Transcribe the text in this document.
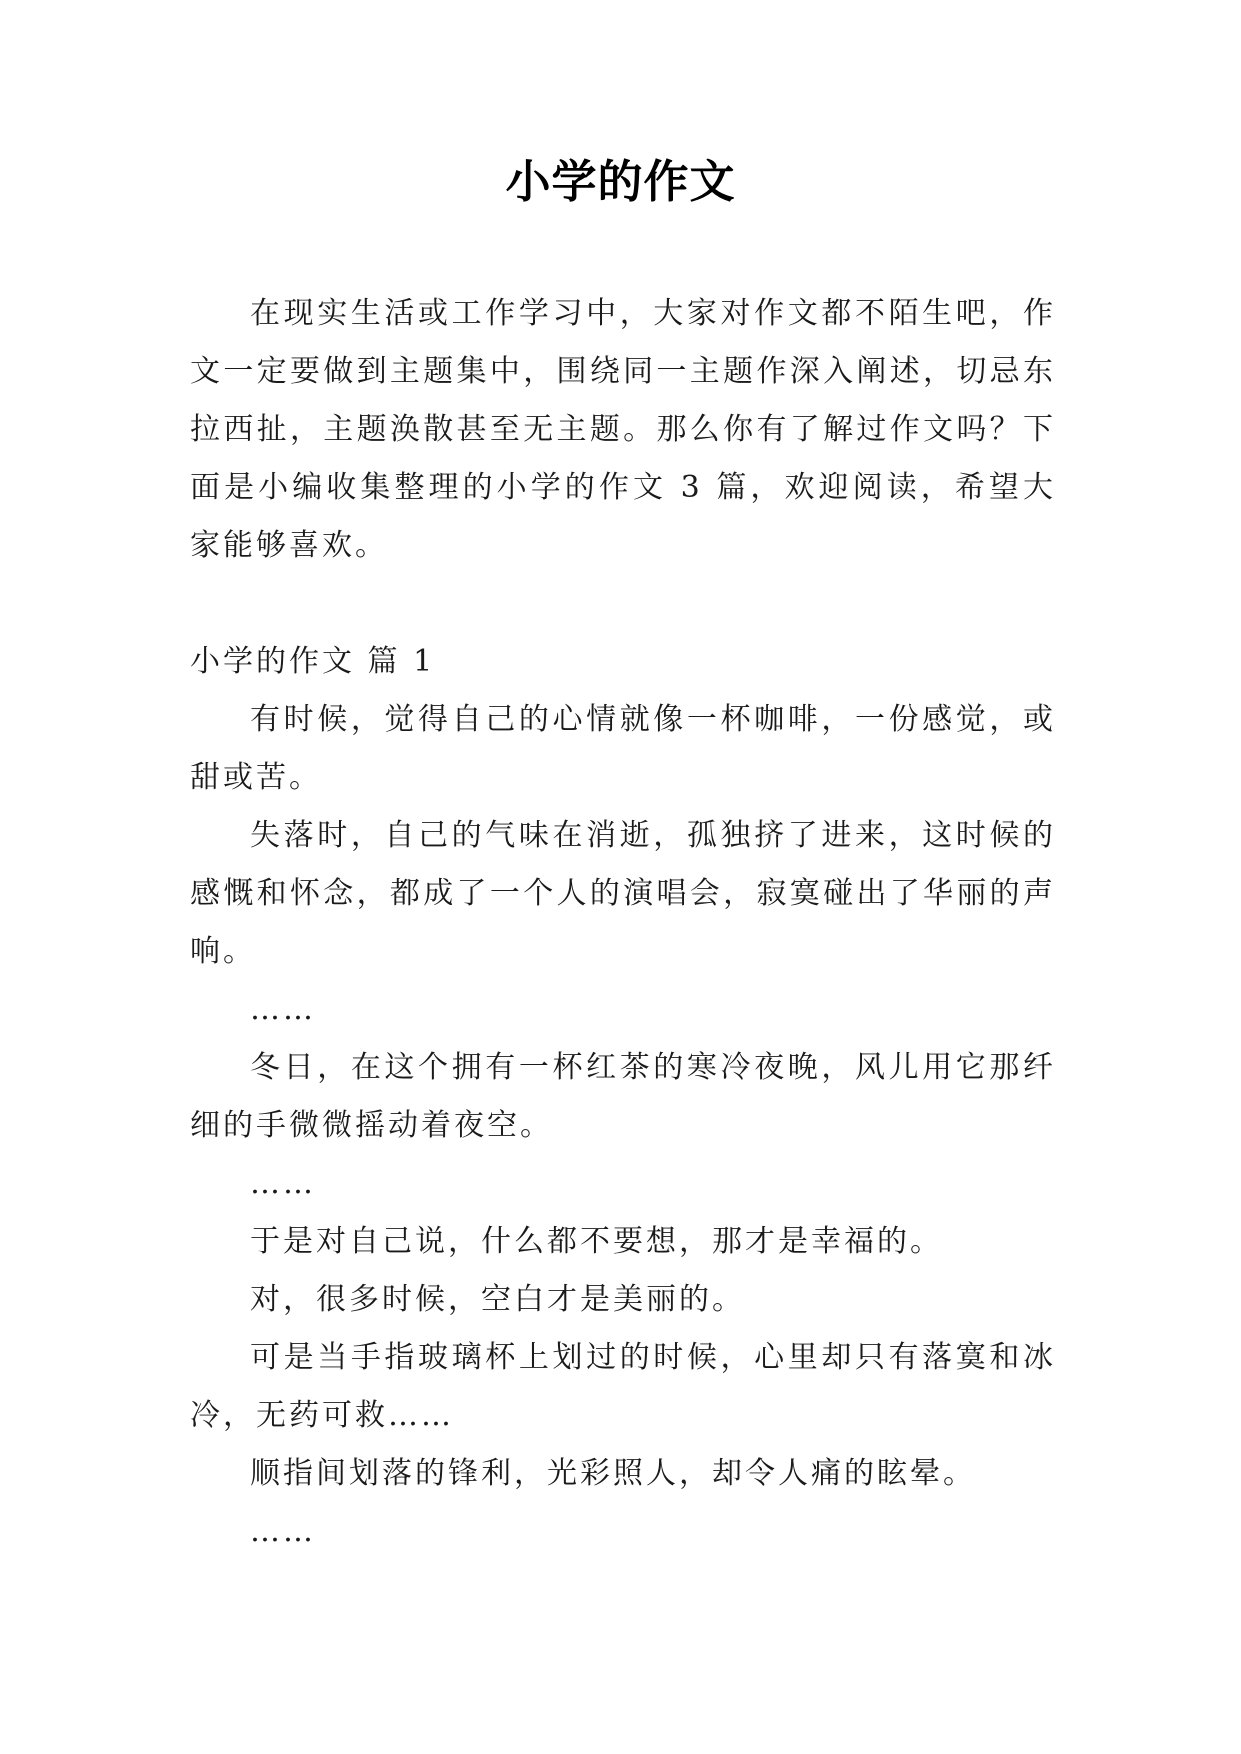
小学的作文

在现实生活或工作学习中，大家对作文都不陌生吧，作文一定要做到主题集中，围绕同一主题作深入阐述，切忌东拉西扯，主题涣散甚至无主题。那么你有了解过作文吗？下面是小编收集整理的小学的作文 3 篇，欢迎阅读，希望大家能够喜欢。

小学的作文 篇 1

有时候，觉得自己的心情就像一杯咖啡，一份感觉，或甜或苦。

失落时，自己的气味在消逝，孤独挤了进来，这时候的感慨和怀念，都成了一个人的演唱会，寂寞碰出了华丽的声响。

……

冬日，在这个拥有一杯红茶的寒冷夜晚，风儿用它那纤细的手微微摇动着夜空。

……

于是对自己说，什么都不要想，那才是幸福的。

对，很多时候，空白才是美丽的。

可是当手指玻璃杯上划过的时候，心里却只有落寞和冰冷，无药可救……

顺指间划落的锋利，光彩照人，却令人痛的眩晕。

……
